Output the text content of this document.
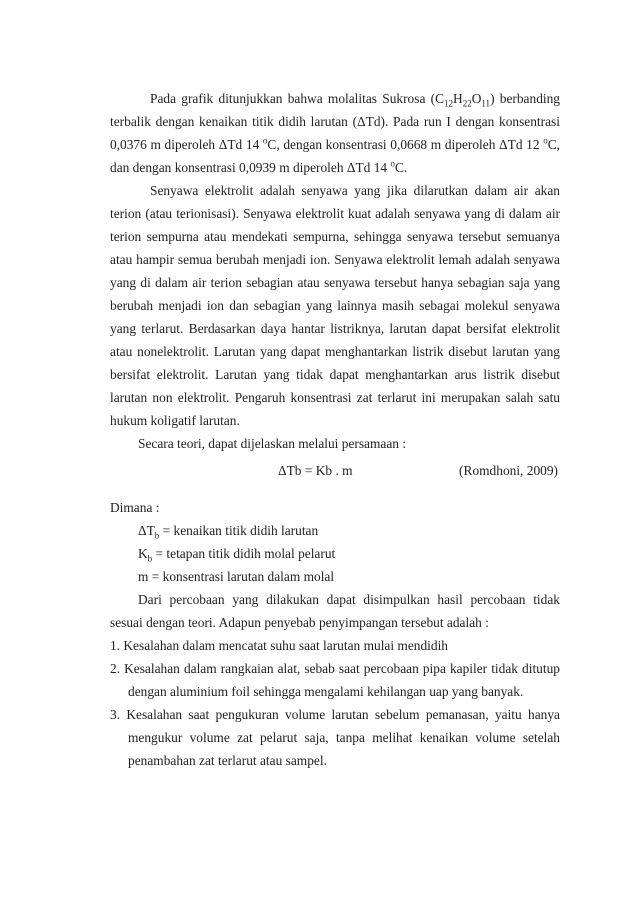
Pada grafik ditunjukkan bahwa molalitas Sukrosa $(C_{12}H_{22}O_{11})$ berbanding terbalik dengan kenaikan titik didih larutan (ΔTd). Pada run I dengan konsentrasi 0,0376 m diperoleh ΔTd 14 $^o$C, dengan konsentrasi 0,0668 m diperoleh ΔTd 12 $^o$C, dan dengan konsentrasi 0,0939 m diperoleh ΔTd 14 $^o$C.

Senyawa elektrolit adalah senyawa yang jika dilarutkan dalam air akan terion (atau terionisasi). Senyawa elektrolit kuat adalah senyawa yang di dalam air terion sempurna atau mendekati sempurna, sehingga senyawa tersebut semuanya atau hampir semua berubah menjadi ion. Senyawa elektrolit lemah adalah senyawa yang di dalam air terion sebagian atau senyawa tersebut hanya sebagian saja yang berubah menjadi ion dan sebagian yang lainnya masih sebagai molekul senyawa yang terlarut. Berdasarkan daya hantar listriknya, larutan dapat bersifat elektrolit atau nonelektrolit. Larutan yang dapat menghantarkan listrik disebut larutan yang bersifat elektrolit. Larutan yang tidak dapat menghantarkan arus listrik disebut larutan non elektrolit. Pengaruh konsentrasi zat terlarut ini merupakan salah satu hukum koligatif larutan.

Secara teori, dapat dijelaskan melalui persamaan :

ΔTb = Kb . m	(Romdhoni, 2009)
Dimana :
$\Delta T_b$ = kenaikan titik didih larutan
$K_b$ = tetapan titik didih molal pelarut
m = konsentrasi larutan dalam molal

Dari percobaan yang dilakukan dapat disimpulkan hasil percobaan tidak sesuai dengan teori. Adapun penyebab penyimpangan tersebut adalah :

1. Kesalahan dalam mencatat suhu saat larutan mulai mendidih
2. Kesalahan dalam rangkaian alat, sebab saat percobaan pipa kapiler tidak ditutup dengan aluminium foil sehingga mengalami kehilangan uap yang banyak.
3. Kesalahan saat pengukuran volume larutan sebelum pemanasan, yaitu hanya mengukur volume zat pelarut saja, tanpa melihat kenaikan volume setelah penambahan zat terlarut atau sampel.
